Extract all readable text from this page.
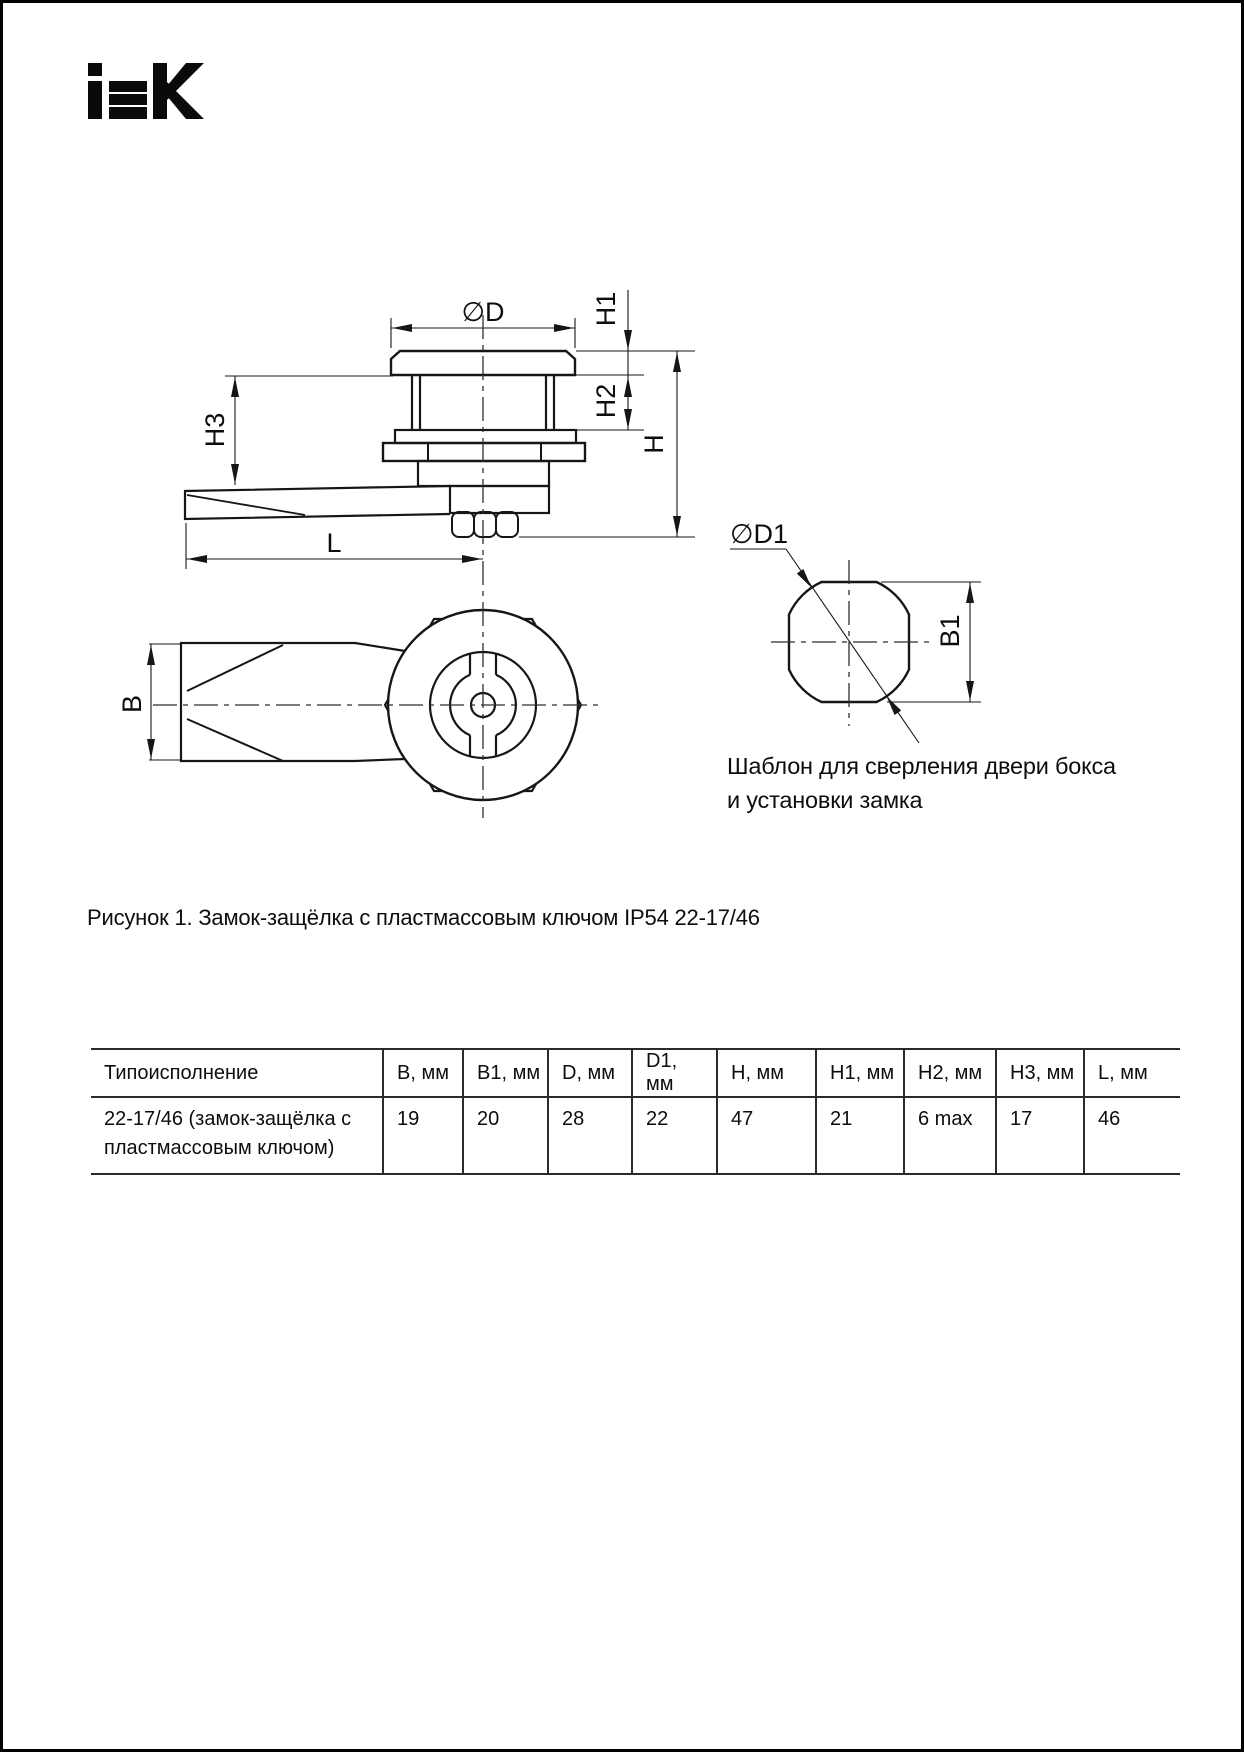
∅D	H1
H2
H
H3
L
B
∅D1
B1
Шаблон для сверления двери бокса
и установки замка
Рисунок 1. Замок-защёлка с пластмассовым ключом IP54 22-17/46
Типоисполнение	B, мм	B1, мм	D, мм	D1, мм	H, мм	H1, мм	H2, мм	H3, мм	L, мм
22-17/46 (замок-защёлка с пластмассовым ключом)	19	20	28	22	47	21	6 max	17	46
